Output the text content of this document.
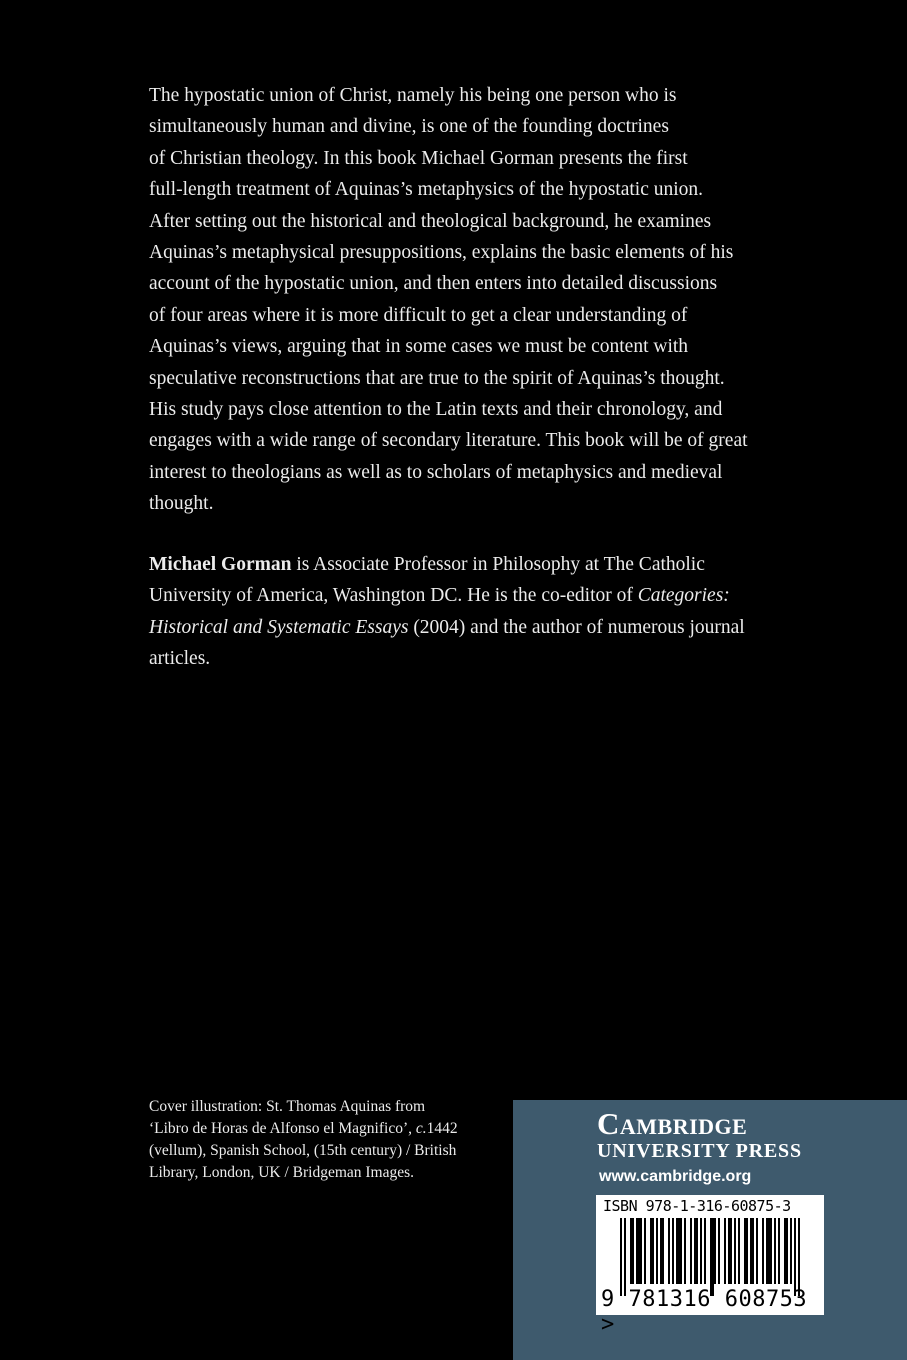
The hypostatic union of Christ, namely his being one person who is
simultaneously human and divine, is one of the founding doctrines
of Christian theology. In this book Michael Gorman presents the first
full-length treatment of Aquinas’s metaphysics of the hypostatic union.
After setting out the historical and theological background, he examines
Aquinas’s metaphysical presuppositions, explains the basic elements of his
account of the hypostatic union, and then enters into detailed discussions
of four areas where it is more difficult to get a clear understanding of
Aquinas’s views, arguing that in some cases we must be content with
speculative reconstructions that are true to the spirit of Aquinas’s thought.
His study pays close attention to the Latin texts and their chronology, and
engages with a wide range of secondary literature. This book will be of great
interest to theologians as well as to scholars of metaphysics and medieval
thought.
Michael Gorman is Associate Professor in Philosophy at The Catholic
University of America, Washington DC. He is the co-editor of Categories:
Historical and Systematic Essays (2004) and the author of numerous journal
articles.
Cover illustration: St. Thomas Aquinas from
‘Libro de Horas de Alfonso el Magnifico’, c.1442
(vellum), Spanish School, (15th century) / British
Library, London, UK / Bridgeman Images.
Cambridge
UNIVERSITY PRESS
www.cambridge.org
ISBN 978-1-316-60875-3
9 781316 608753 >
